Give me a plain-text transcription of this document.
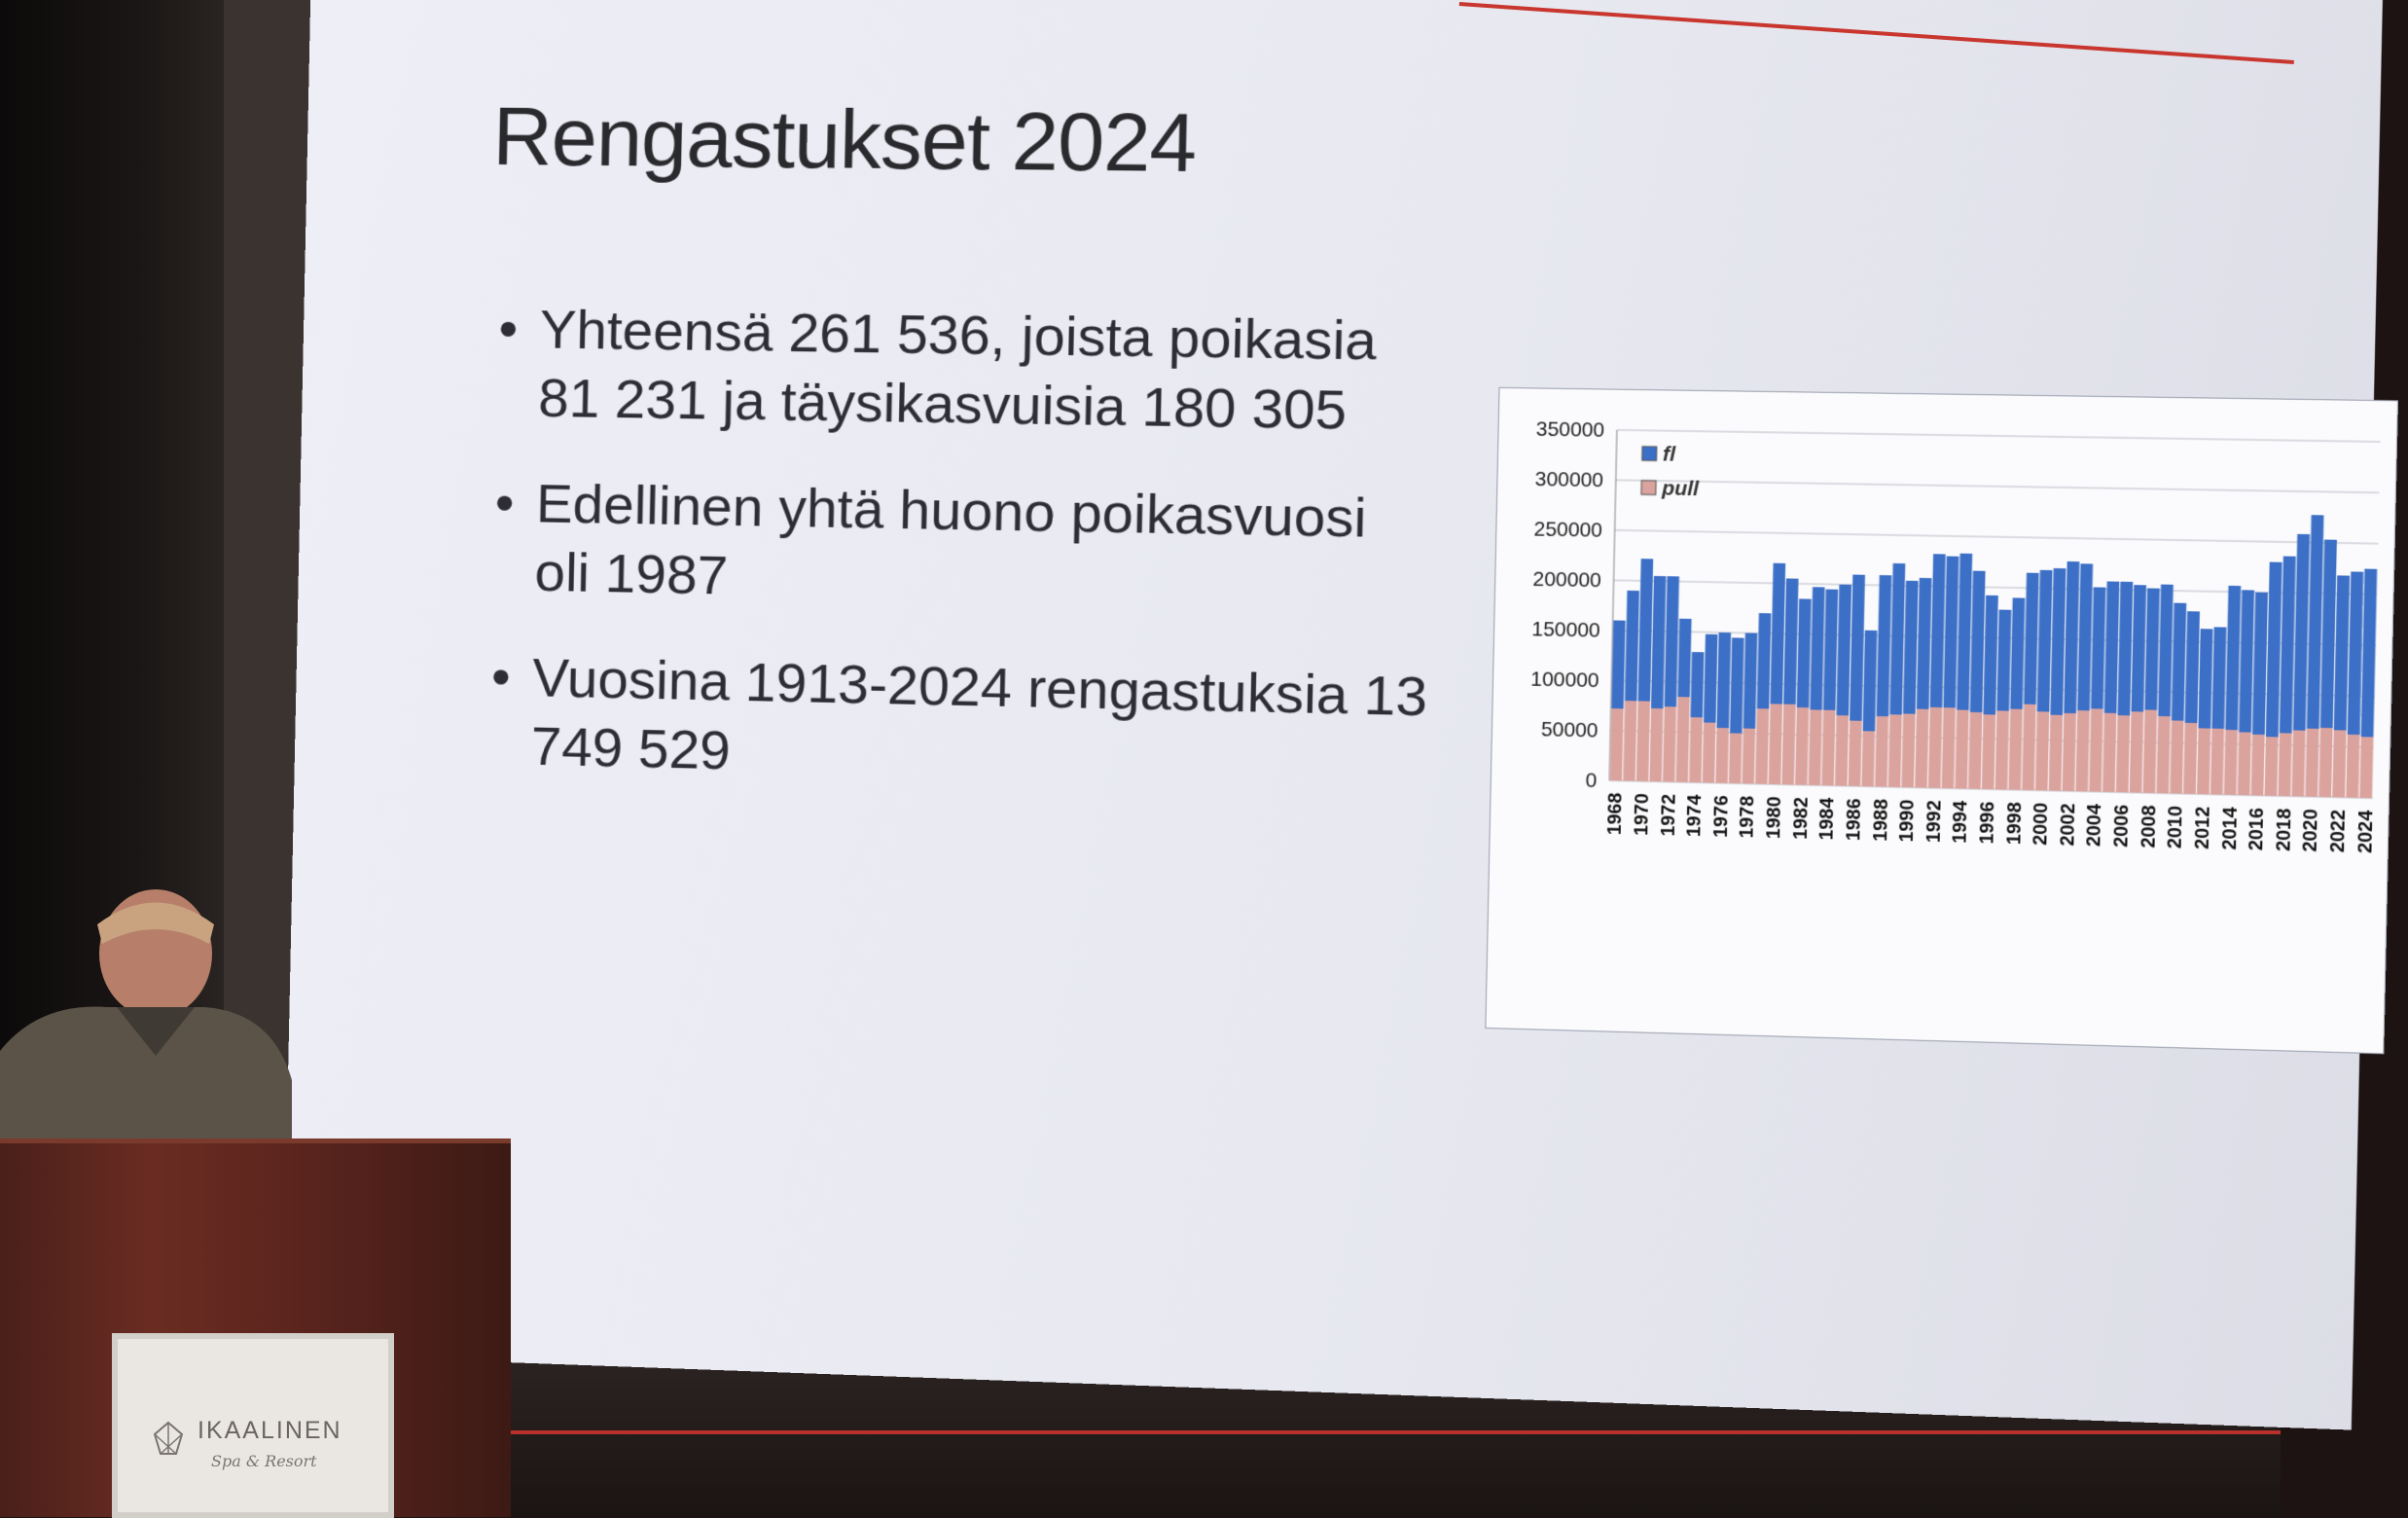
Rengastukset 2024
• Yhteensä 261 536, joista poikasia 81 231 ja täysikasvuisia 180 305
• Edellinen yhtä huono poikasvuosi oli 1987
• Vuosina 1913-2024 rengastuksia 13 749 529
350000
300000
250000
200000
150000
100000
50000
0
1968 1970 1972 1974 1976 1978 1980 1982 1984 1986 1988 1990 1992 1994 1996 1998 2000 2002 2004 2006 2008 2010 2012 2014 2016 2018 2020 2022 2024
fl
pull
IKAALINEN
Spa & Resort
